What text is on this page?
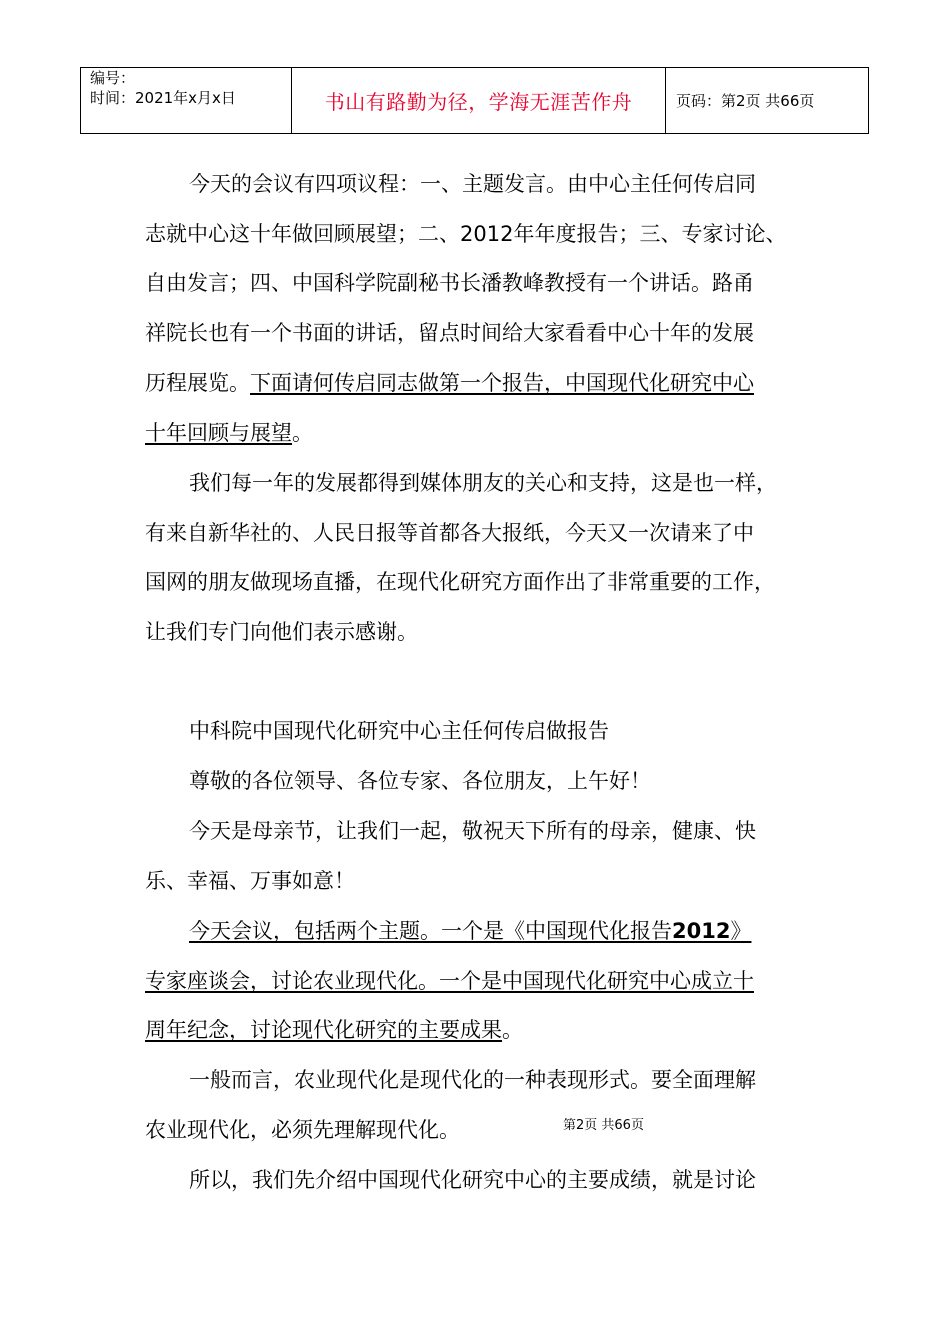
编号：
时间：2021年x月x日	书山有路勤为径，学海无涯苦作舟	页码：第2页 共66页
今天的会议有四项议程：一、主题发言。由中心主任何传启同
志就中心这十年做回顾展望；二、2012年年度报告；三、专家讨论、
自由发言；四、中国科学院副秘书长潘教峰教授有一个讲话。路甬
祥院长也有一个书面的讲话，留点时间给大家看看中心十年的发展
历程展览。下面请何传启同志做第一个报告，中国现代化研究中心
十年回顾与展望。
我们每一年的发展都得到媒体朋友的关心和支持，这是也一样，
有来自新华社的、人民日报等首都各大报纸，今天又一次请来了中
国网的朋友做现场直播，在现代化研究方面作出了非常重要的工作，
让我们专门向他们表示感谢。
中科院中国现代化研究中心主任何传启做报告
尊敬的各位领导、各位专家、各位朋友，上午好！
今天是母亲节，让我们一起，敬祝天下所有的母亲，健康、快
乐、幸福、万事如意！
今天会议，包括两个主题。一个是《中国现代化报告2012》
专家座谈会，讨论农业现代化。一个是中国现代化研究中心成立十
周年纪念，讨论现代化研究的主要成果。
一般而言，农业现代化是现代化的一种表现形式。要全面理解
农业现代化，必须先理解现代化。	第2页 共66页
所以，我们先介绍中国现代化研究中心的主要成绩，就是讨论
